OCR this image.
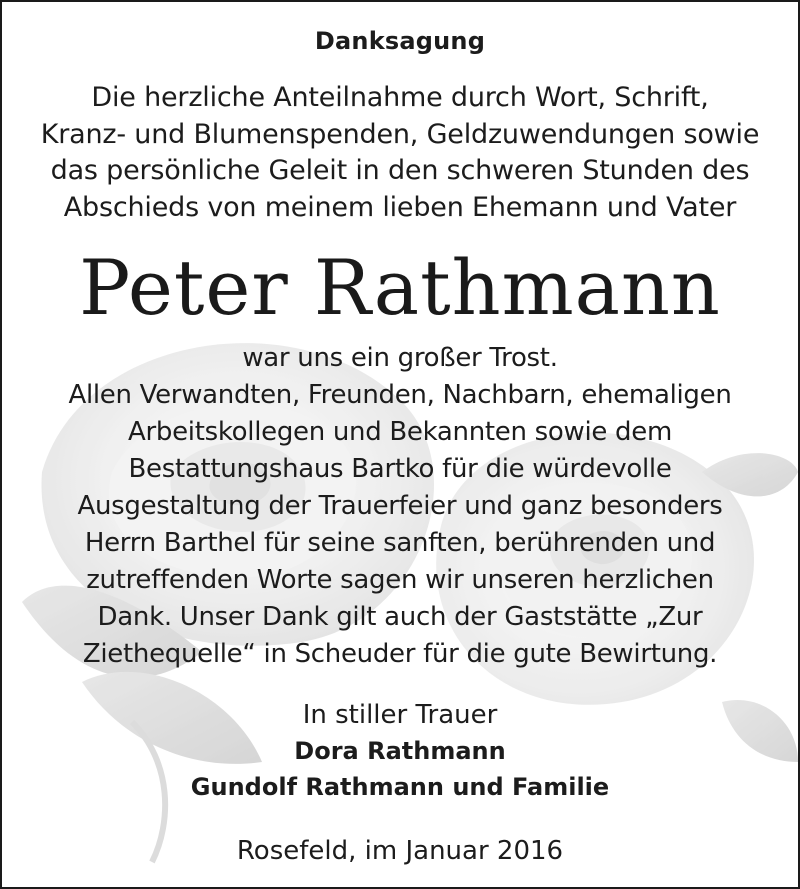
Danksagung
Die herzliche Anteilnahme durch Wort, Schrift,
Kranz- und Blumenspenden, Geldzuwendungen sowie
das persönliche Geleit in den schweren Stunden des
Abschieds von meinem lieben Ehemann und Vater
Peter Rathmann
war uns ein großer Trost.
Allen Verwandten, Freunden, Nachbarn, ehemaligen
Arbeitskollegen und Bekannten sowie dem
Bestattungshaus Bartko für die würdevolle
Ausgestaltung der Trauerfeier und ganz besonders
Herrn Barthel für seine sanften, berührenden und
zutreffenden Worte sagen wir unseren herzlichen
Dank. Unser Dank gilt auch der Gaststätte „Zur
Ziethequelle“ in Scheuder für die gute Bewirtung.
In stiller Trauer
Dora Rathmann
Gundolf Rathmann und Familie
Rosefeld, im Januar 2016
